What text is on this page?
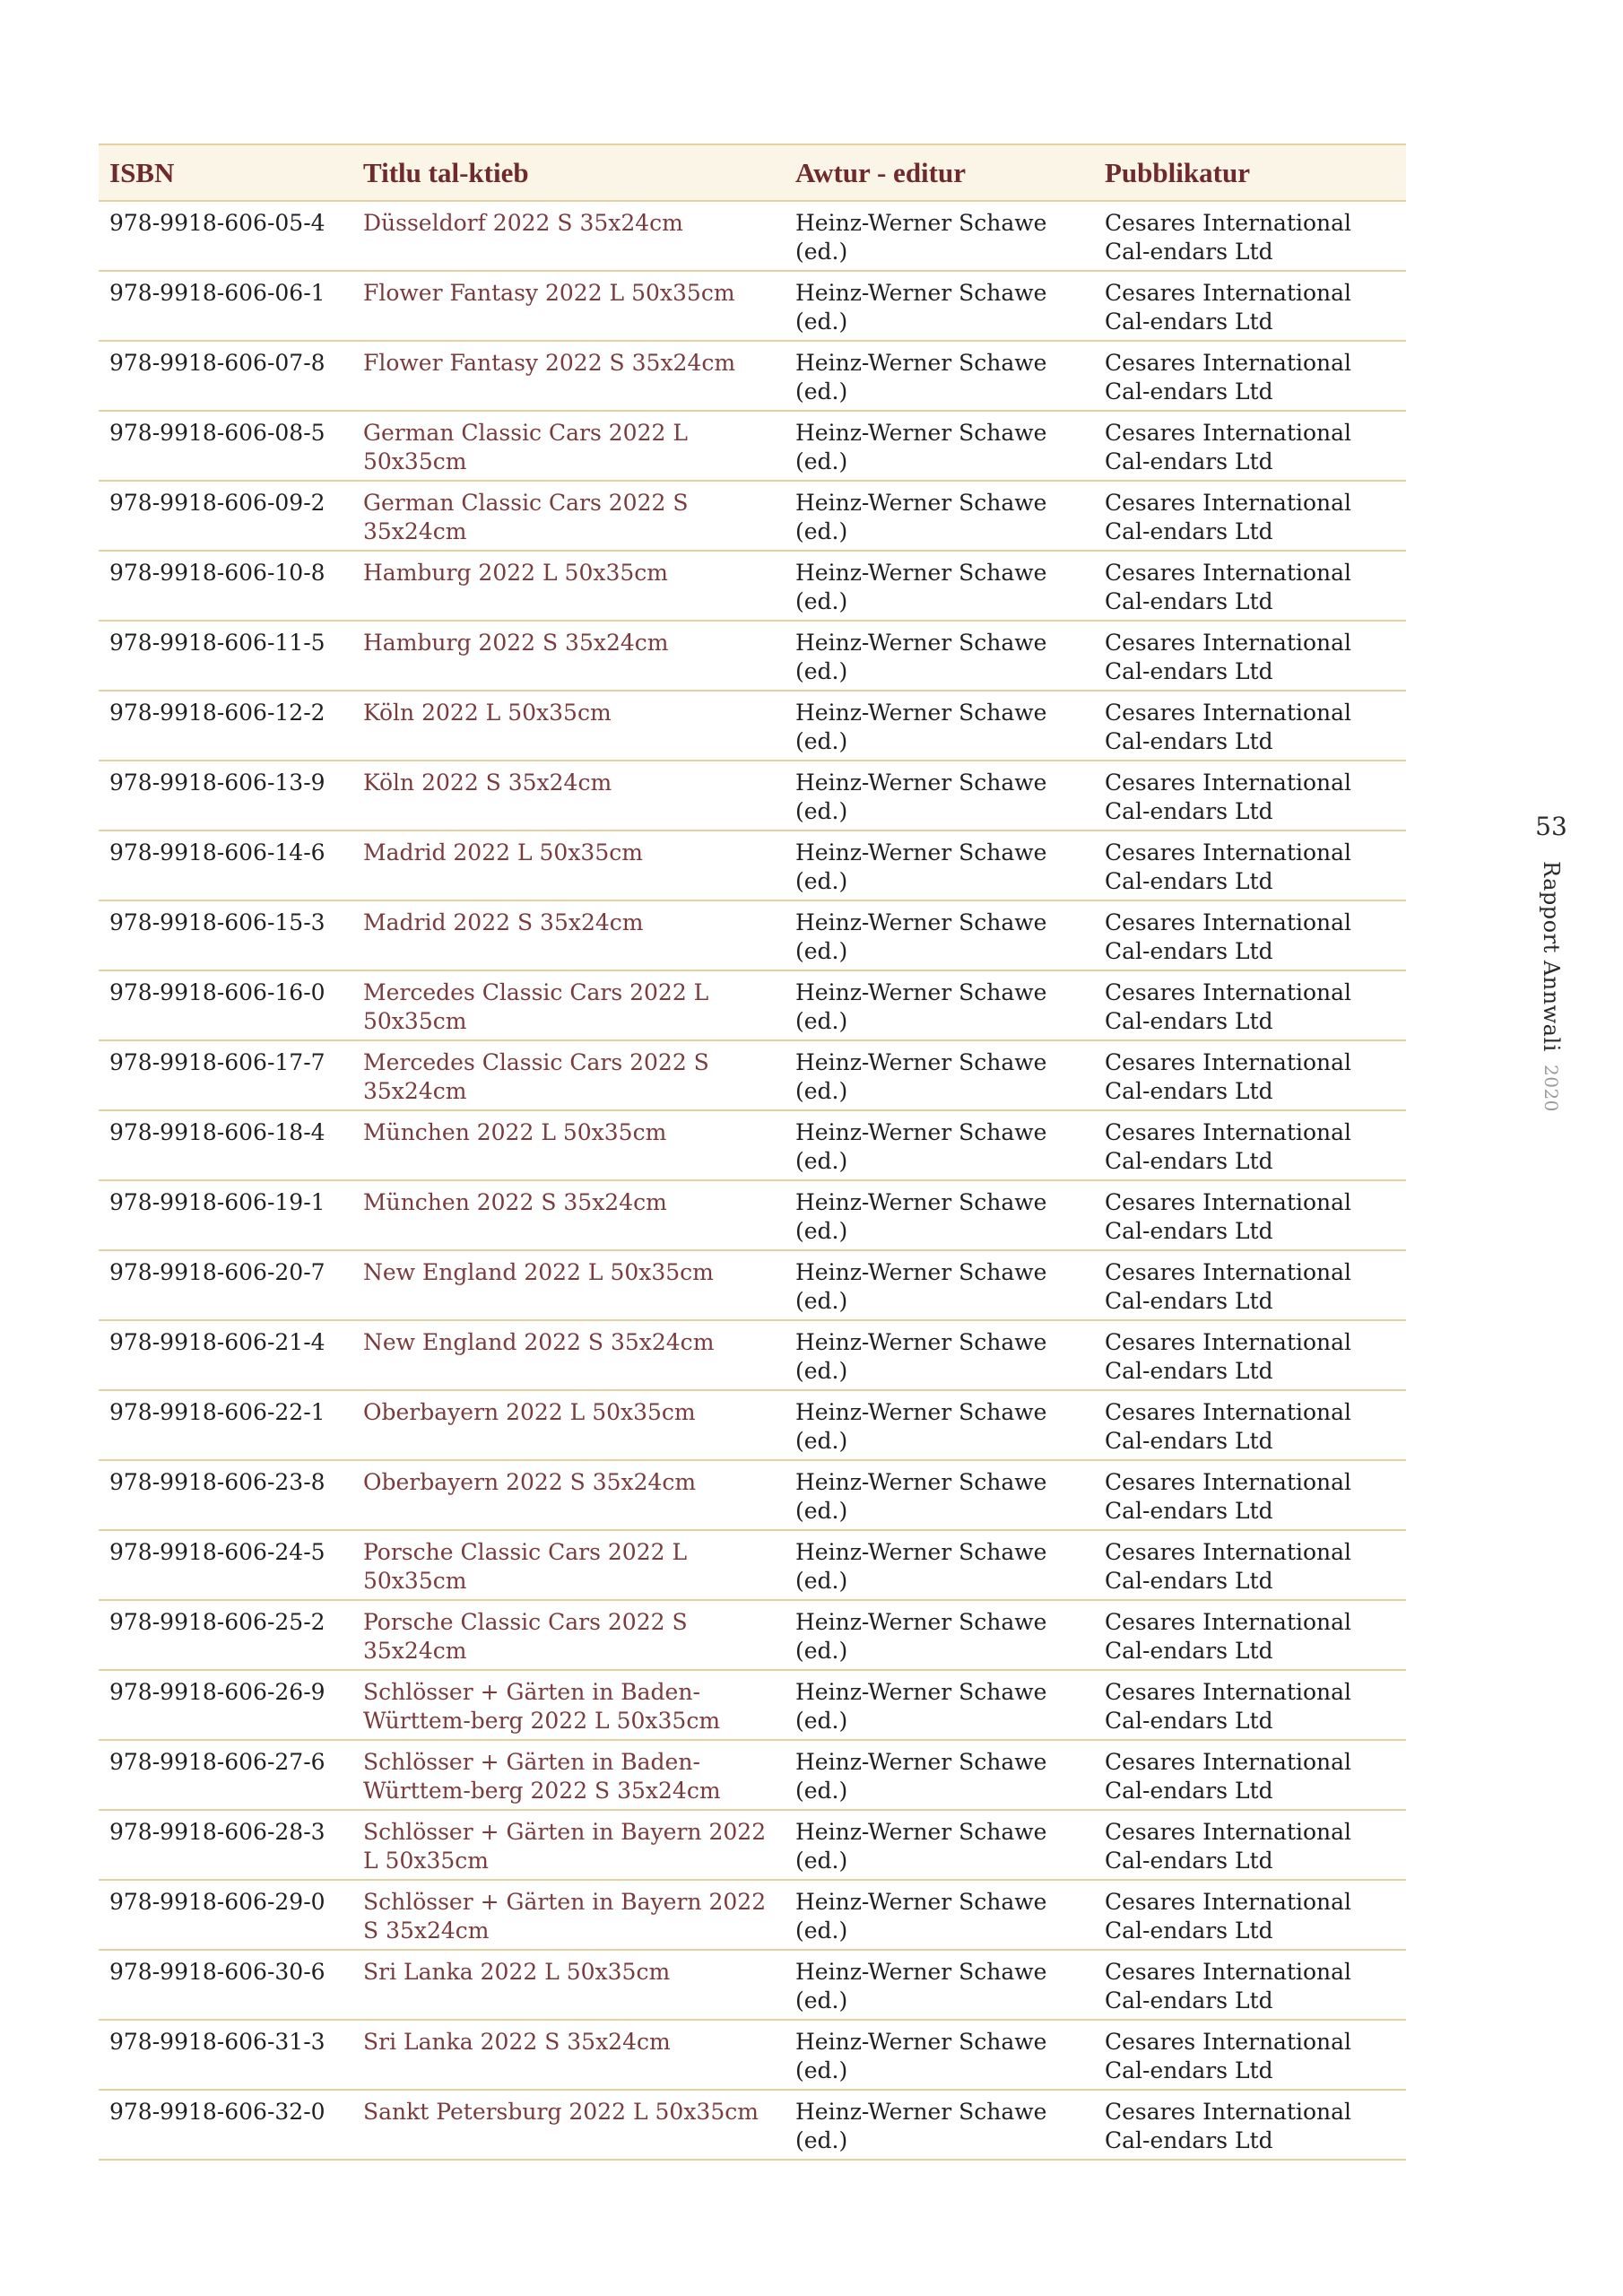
ISBN	Titlu tal-ktieb	Awtur - editur	Pubblikatur
978-9918-606-05-4	Düsseldorf 2022 S 35x24cm	Heinz-Werner Schawe (ed.)	Cesares International Cal-endars Ltd
978-9918-606-06-1	Flower Fantasy 2022 L 50x35cm	Heinz-Werner Schawe (ed.)	Cesares International Cal-endars Ltd
978-9918-606-07-8	Flower Fantasy 2022 S 35x24cm	Heinz-Werner Schawe (ed.)	Cesares International Cal-endars Ltd
978-9918-606-08-5	German Classic Cars 2022 L 50x35cm	Heinz-Werner Schawe (ed.)	Cesares International Cal-endars Ltd
978-9918-606-09-2	German Classic Cars 2022 S 35x24cm	Heinz-Werner Schawe (ed.)	Cesares International Cal-endars Ltd
978-9918-606-10-8	Hamburg 2022 L 50x35cm	Heinz-Werner Schawe (ed.)	Cesares International Cal-endars Ltd
978-9918-606-11-5	Hamburg 2022 S 35x24cm	Heinz-Werner Schawe (ed.)	Cesares International Cal-endars Ltd
978-9918-606-12-2	Köln 2022 L 50x35cm	Heinz-Werner Schawe (ed.)	Cesares International Cal-endars Ltd
978-9918-606-13-9	Köln 2022 S 35x24cm	Heinz-Werner Schawe (ed.)	Cesares International Cal-endars Ltd
978-9918-606-14-6	Madrid 2022 L 50x35cm	Heinz-Werner Schawe (ed.)	Cesares International Cal-endars Ltd
978-9918-606-15-3	Madrid 2022 S 35x24cm	Heinz-Werner Schawe (ed.)	Cesares International Cal-endars Ltd
978-9918-606-16-0	Mercedes Classic Cars 2022 L 50x35cm	Heinz-Werner Schawe (ed.)	Cesares International Cal-endars Ltd
978-9918-606-17-7	Mercedes Classic Cars 2022 S 35x24cm	Heinz-Werner Schawe (ed.)	Cesares International Cal-endars Ltd
978-9918-606-18-4	München 2022 L 50x35cm	Heinz-Werner Schawe (ed.)	Cesares International Cal-endars Ltd
978-9918-606-19-1	München 2022 S 35x24cm	Heinz-Werner Schawe (ed.)	Cesares International Cal-endars Ltd
978-9918-606-20-7	New England 2022 L 50x35cm	Heinz-Werner Schawe (ed.)	Cesares International Cal-endars Ltd
978-9918-606-21-4	New England 2022 S 35x24cm	Heinz-Werner Schawe (ed.)	Cesares International Cal-endars Ltd
978-9918-606-22-1	Oberbayern 2022 L 50x35cm	Heinz-Werner Schawe (ed.)	Cesares International Cal-endars Ltd
978-9918-606-23-8	Oberbayern 2022 S 35x24cm	Heinz-Werner Schawe (ed.)	Cesares International Cal-endars Ltd
978-9918-606-24-5	Porsche Classic Cars 2022 L 50x35cm	Heinz-Werner Schawe (ed.)	Cesares International Cal-endars Ltd
978-9918-606-25-2	Porsche Classic Cars 2022 S 35x24cm	Heinz-Werner Schawe (ed.)	Cesares International Cal-endars Ltd
978-9918-606-26-9	Schlösser + Gärten in Baden-Württem-berg 2022 L 50x35cm	Heinz-Werner Schawe (ed.)	Cesares International Cal-endars Ltd
978-9918-606-27-6	Schlösser + Gärten in Baden-Württem-berg 2022 S 35x24cm	Heinz-Werner Schawe (ed.)	Cesares International Cal-endars Ltd
978-9918-606-28-3	Schlösser + Gärten in Bayern 2022 L 50x35cm	Heinz-Werner Schawe (ed.)	Cesares International Cal-endars Ltd
978-9918-606-29-0	Schlösser + Gärten in Bayern 2022 S 35x24cm	Heinz-Werner Schawe (ed.)	Cesares International Cal-endars Ltd
978-9918-606-30-6	Sri Lanka 2022 L 50x35cm	Heinz-Werner Schawe (ed.)	Cesares International Cal-endars Ltd
978-9918-606-31-3	Sri Lanka 2022 S 35x24cm	Heinz-Werner Schawe (ed.)	Cesares International Cal-endars Ltd
978-9918-606-32-0	Sankt Petersburg 2022 L 50x35cm	Heinz-Werner Schawe (ed.)	Cesares International Cal-endars Ltd
53
Rapport Annwali 2020
